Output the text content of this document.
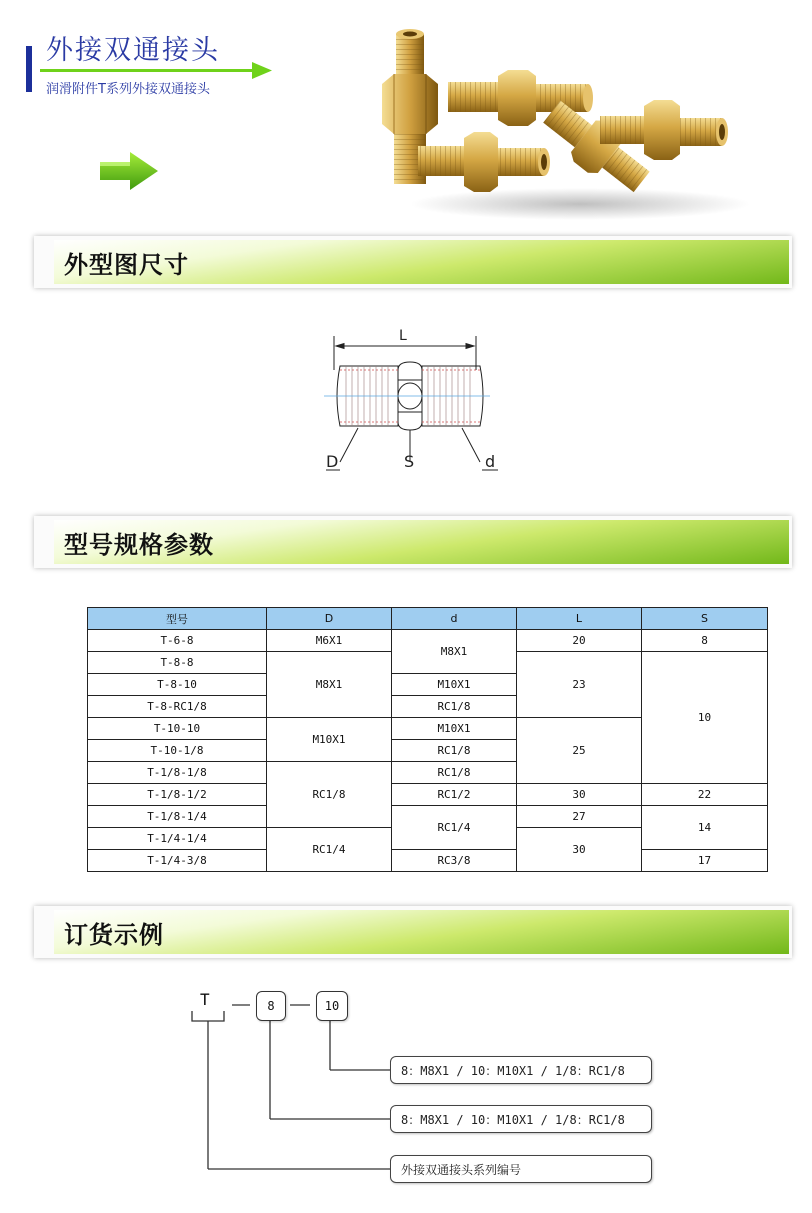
外接双通接头
润滑附件T系列外接双通接头
外型图尺寸
L
D	S	d
型号规格参数
型号	D	d	L	S
T-6-8	M6X1	M8X1	20	8
T-8-8	M8X1		23	10
T-8-10		M10X1		
T-8-RC1/8		RC1/8		
T-10-10	M10X1	M10X1	25	
T-10-1/8		RC1/8		
T-1/8-1/8	RC1/8	RC1/8		
T-1/8-1/2		RC1/2	30	22
T-1/8-1/4		RC1/4	27	14
T-1/4-1/4	RC1/4		30	
T-1/4-3/8		RC3/8		17
订货示例
T	8	10
8：M8X1 / 10：M10X1 / 1/8：RC1/8
8：M8X1 / 10：M10X1 / 1/8：RC1/8
外接双通接头系列编号
